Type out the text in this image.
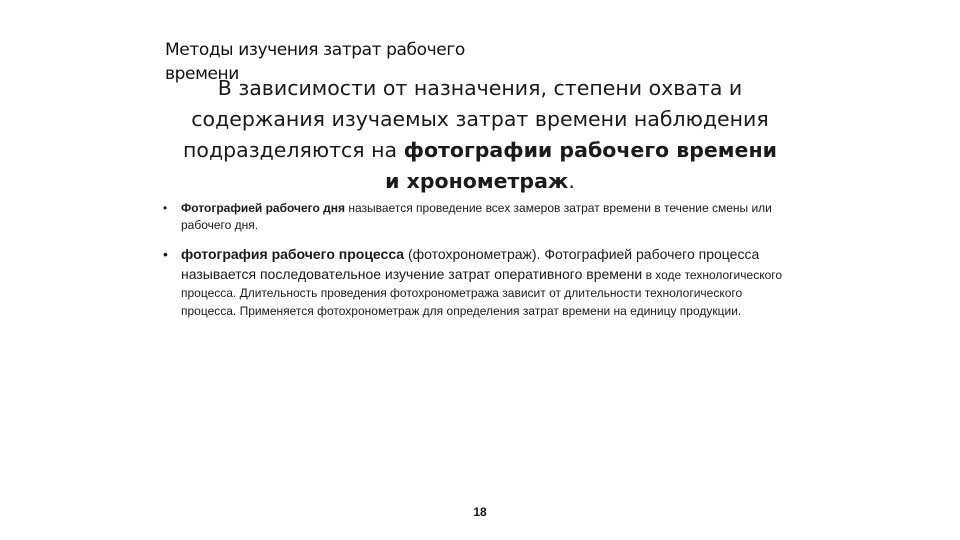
Методы изучения затрат рабочего
времени
В зависимости от назначения, степени охвата и содержания изучаемых затрат времени наблюдения подразделяются на фотографии рабочего времени и хронометраж.
• Фотографией рабочего дня называется проведение всех замеров затрат времени в течение смены или рабочего дня.
• фотография рабочего процесса (фотохронометраж). Фотографией рабочего процесса называется последовательное изучение затрат оперативного времени в ходе технологического процесса. Длительность проведения фотохронометража зависит от длительности технологического процесса. Применяется фотохронометраж для определения затрат времени на единицу продукции.
18
